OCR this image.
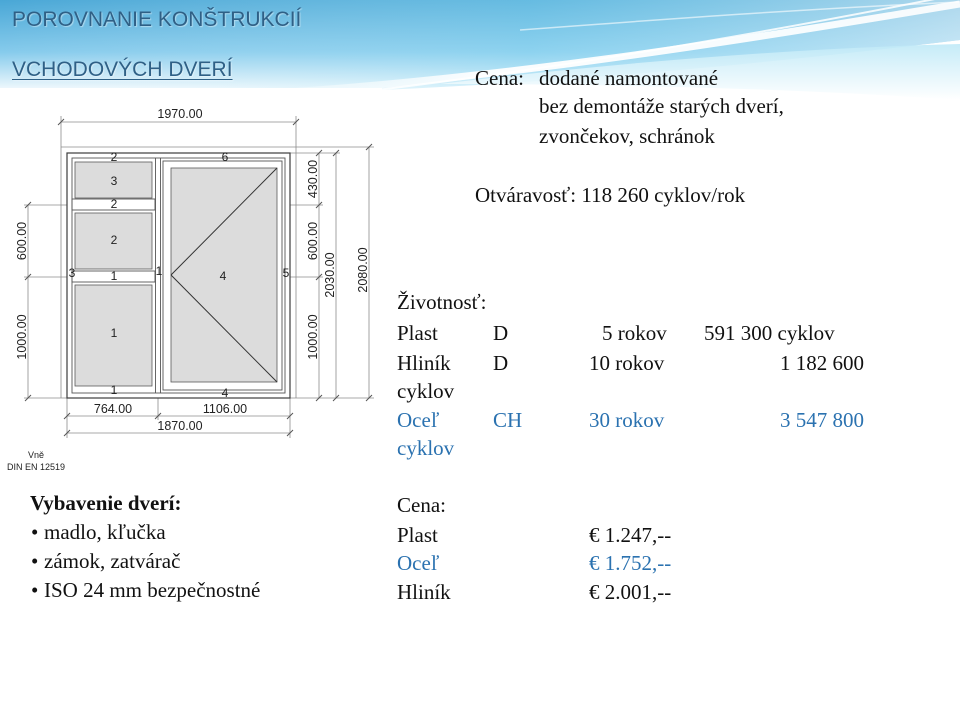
POROVNANIE KONŠTRUKCIÍ
VCHODOVÝCH DVERÍ
1970.00
764.00	1106.00
1870.00
600.00
1000.00
430.00
600.00
1000.00
2030.00 2080.00
2
3
2
2
1
1
1
3	1
6
4	5
4
Vně
DIN EN 12519
Cena: dodané namontované
bez demontáže starých dverí,
zvončekov, schránok
Otváravosť: 118 260 cyklov/rok
Životnosť:
Plast	D	5 rokov 591 300 cyklov
Hliník D	10 rokov	1 182 600
cyklov
Oceľ	CH	30 rokov	3 547 800
cyklov
Cena:
Plast	€ 1.247,--
Oceľ	€ 1.752,--
Hliník	€ 2.001,--
Vybavenie dverí:
•
madlo, kľučka
•
zámok, zatvárač
•
ISO 24 mm bezpečnostné
